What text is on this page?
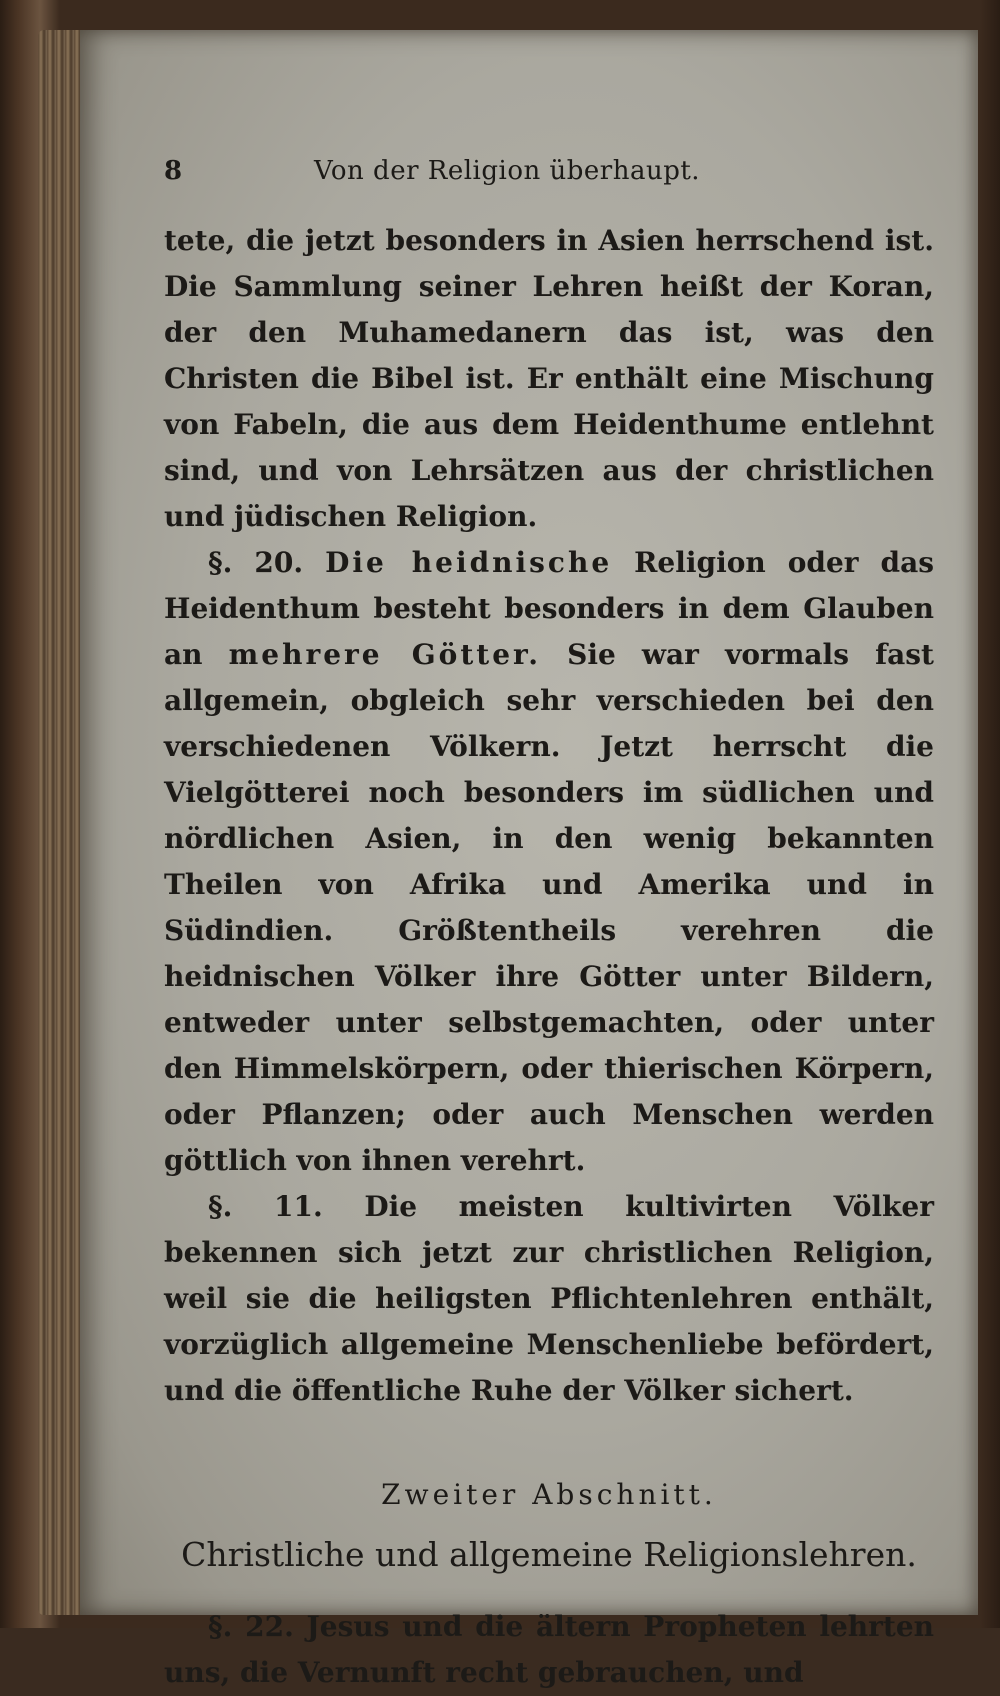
8	Von der Religion überhaupt.

tete, die jetzt besonders in Asien herrschend ist. Die Sammlung seiner Lehren heißt der Koran, der den Muhamedanern das ist, was den Christen die Bibel ist. Er enthält eine Mischung von Fabeln, die aus dem Heidenthume entlehnt sind, und von Lehrsätzen aus der christlichen und jüdischen Religion.

§. 20. Die heidnische Religion oder das Heidenthum besteht besonders in dem Glauben an mehrere Götter. Sie war vormals fast allgemein, obgleich sehr verschieden bei den verschiedenen Völkern. Jetzt herrscht die Vielgötterei noch besonders im südlichen und nördlichen Asien, in den wenig bekannten Theilen von Afrika und Amerika und in Südindien. Größtentheils verehren die heidnischen Völker ihre Götter unter Bildern, entweder unter selbstgemachten, oder unter den Himmelskörpern, oder thierischen Körpern, oder Pflanzen; oder auch Menschen werden göttlich von ihnen verehrt.

§. 11. Die meisten kultivirten Völker bekennen sich jetzt zur christlichen Religion, weil sie die heiligsten Pflichtenlehren enthält, vorzüglich allgemeine Menschenliebe befördert, und die öffentliche Ruhe der Völker sichert.

Zweiter Abschnitt.
Christliche und allgemeine Religionslehren.

§. 22. Jesus und die ältern Propheten lehrten uns, die Vernunft recht gebrauchen, und
